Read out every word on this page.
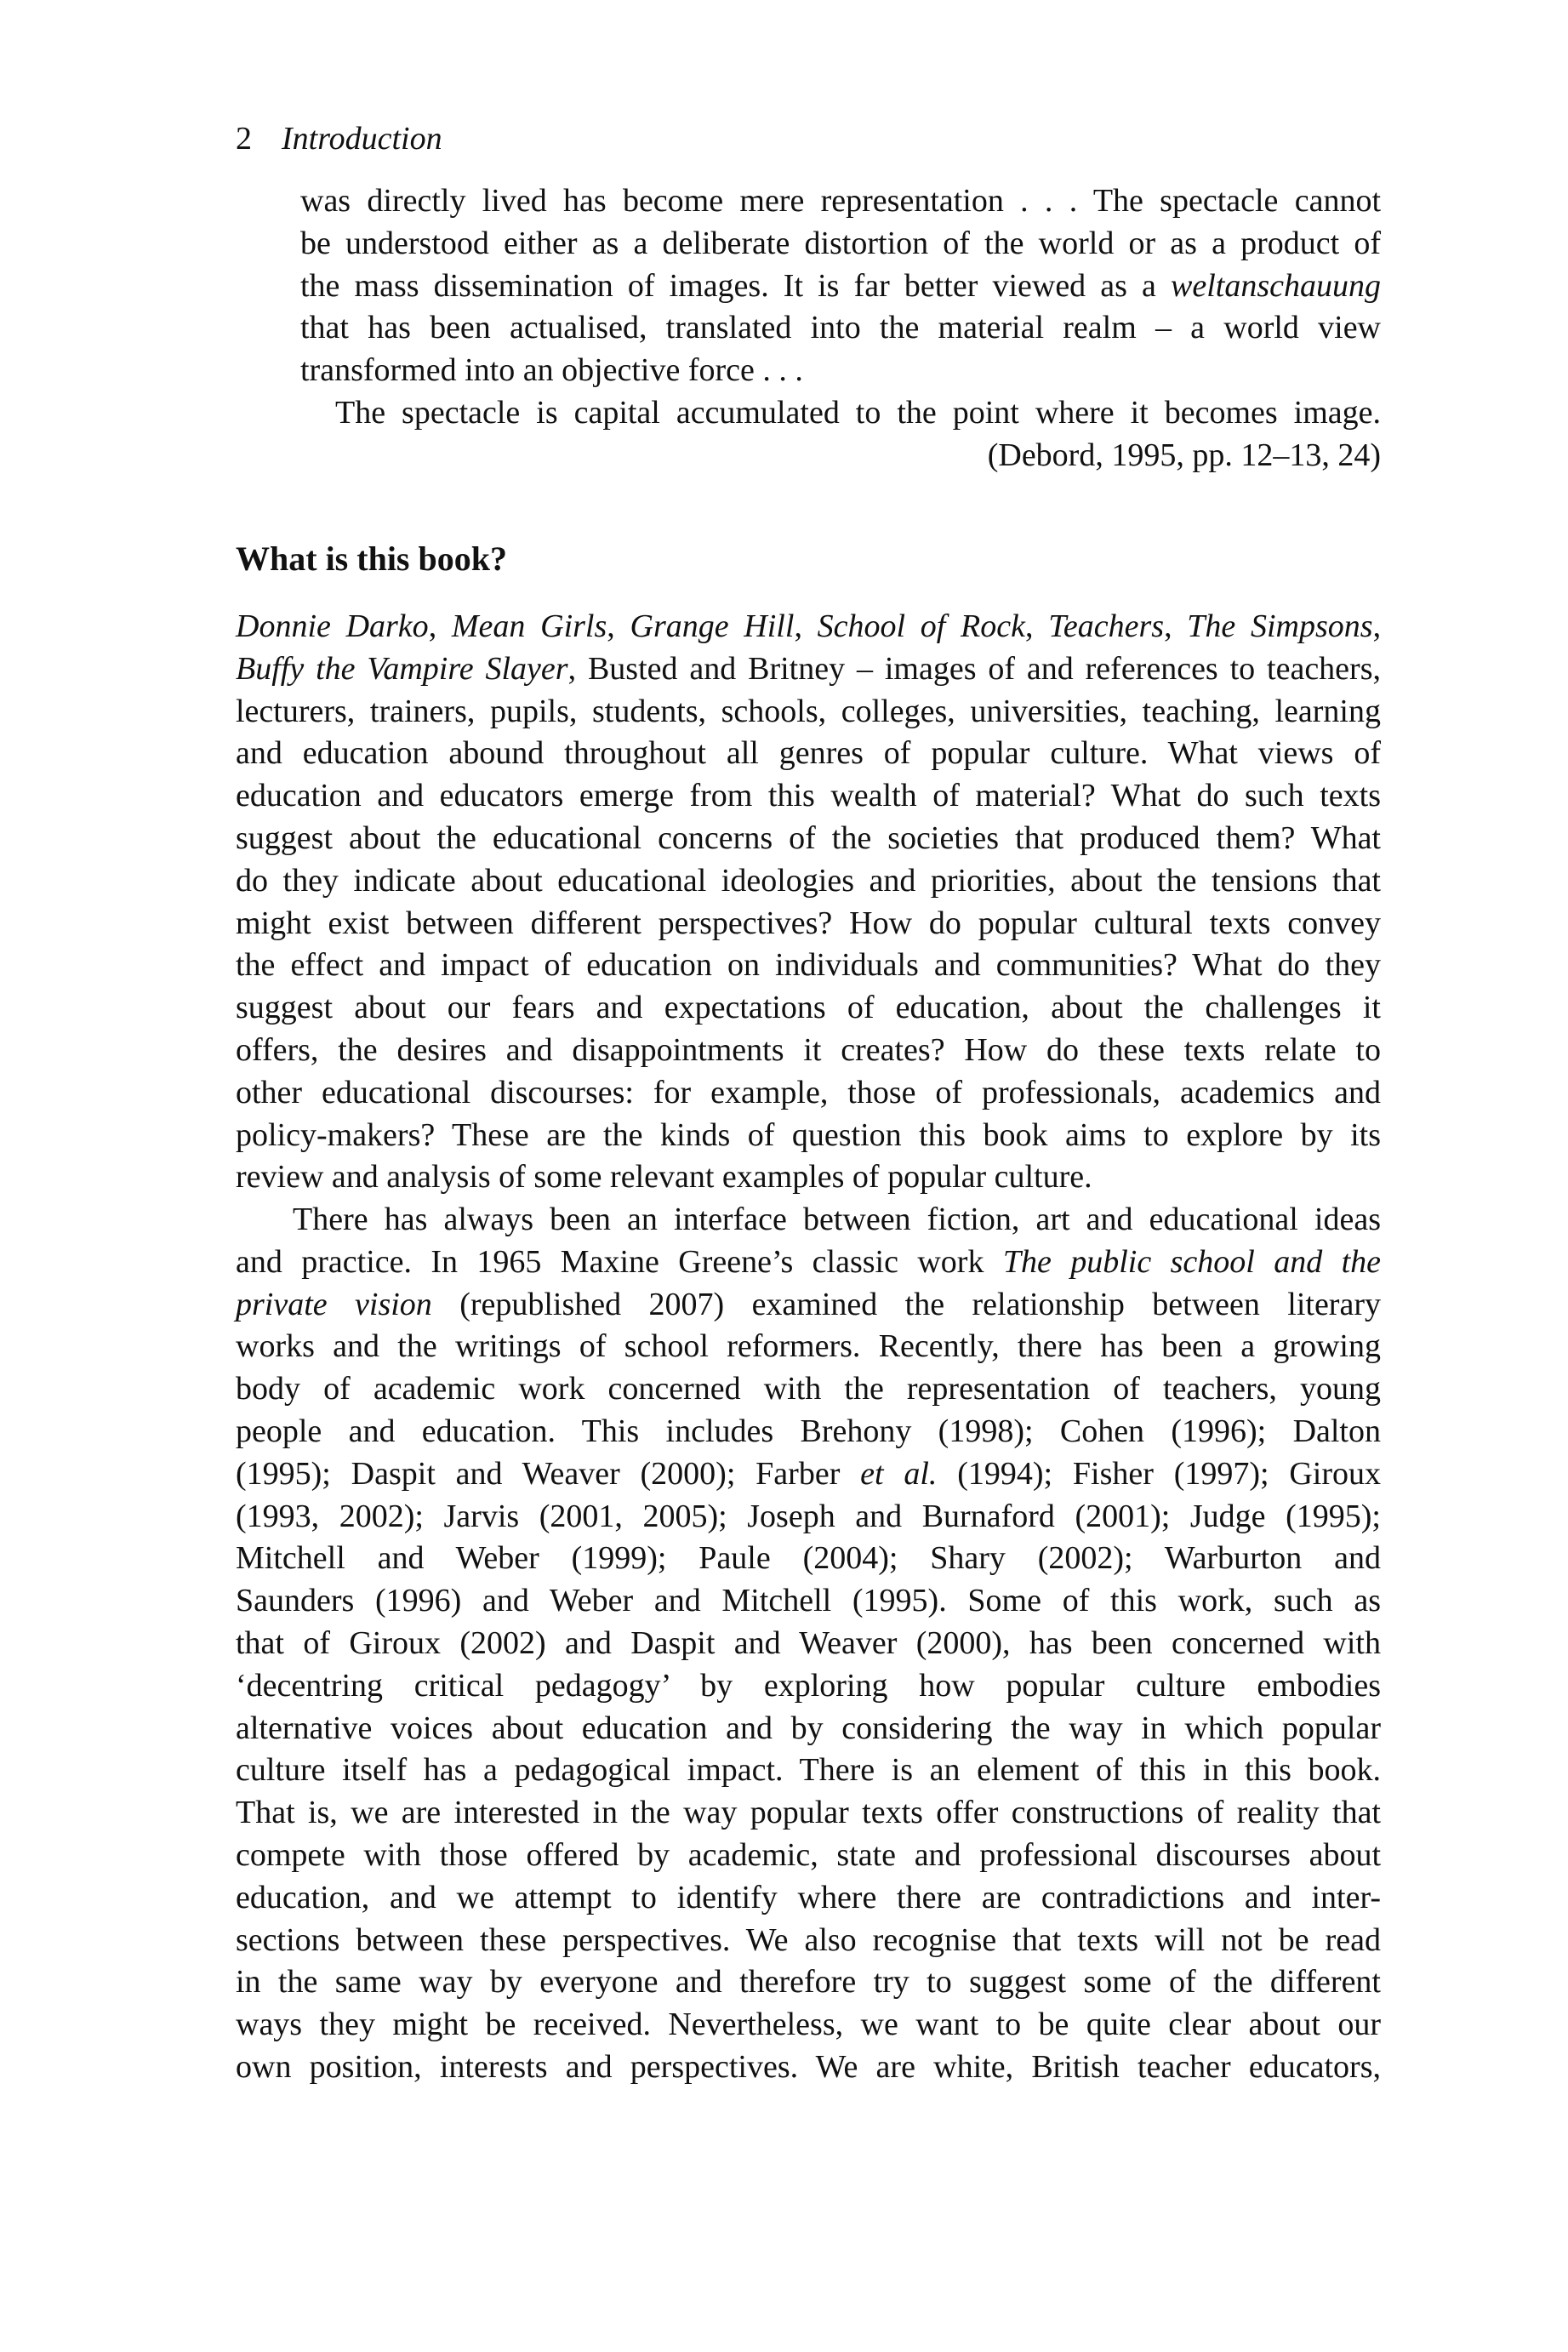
2 Introduction
was directly lived has become mere representation . . . The spectacle cannot
be understood either as a deliberate distortion of the world or as a product of
the mass dissemination of images. It is far better viewed as a weltanschauung
that has been actualised, translated into the material realm – a world view
transformed into an objective force . . .
The spectacle is capital accumulated to the point where it becomes image.
(Debord, 1995, pp. 12–13, 24)
What is this book?
Donnie Darko, Mean Girls, Grange Hill, School of Rock, Teachers, The Simpsons,
Buffy the Vampire Slayer, Busted and Britney – images of and references to teachers,
lecturers, trainers, pupils, students, schools, colleges, universities, teaching, learning
and education abound throughout all genres of popular culture. What views of
education and educators emerge from this wealth of material? What do such texts
suggest about the educational concerns of the societies that produced them? What
do they indicate about educational ideologies and priorities, about the tensions that
might exist between different perspectives? How do popular cultural texts convey
the effect and impact of education on individuals and communities? What do they
suggest about our fears and expectations of education, about the challenges it
offers, the desires and disappointments it creates? How do these texts relate to
other educational discourses: for example, those of professionals, academics and
policy-makers? These are the kinds of question this book aims to explore by its
review and analysis of some relevant examples of popular culture.
There has always been an interface between fiction, art and educational ideas
and practice. In 1965 Maxine Greene’s classic work The public school and the
private vision (republished 2007) examined the relationship between literary
works and the writings of school reformers. Recently, there has been a growing
body of academic work concerned with the representation of teachers, young
people and education. This includes Brehony (1998); Cohen (1996); Dalton
(1995); Daspit and Weaver (2000); Farber et al. (1994); Fisher (1997); Giroux
(1993, 2002); Jarvis (2001, 2005); Joseph and Burnaford (2001); Judge (1995);
Mitchell and Weber (1999); Paule (2004); Shary (2002); Warburton and
Saunders (1996) and Weber and Mitchell (1995). Some of this work, such as
that of Giroux (2002) and Daspit and Weaver (2000), has been concerned with
‘decentring critical pedagogy’ by exploring how popular culture embodies
alternative voices about education and by considering the way in which popular
culture itself has a pedagogical impact. There is an element of this in this book.
That is, we are interested in the way popular texts offer constructions of reality that
compete with those offered by academic, state and professional discourses about
education, and we attempt to identify where there are contradictions and inter-
sections between these perspectives. We also recognise that texts will not be read
in the same way by everyone and therefore try to suggest some of the different
ways they might be received. Nevertheless, we want to be quite clear about our
own position, interests and perspectives. We are white, British teacher educators,
